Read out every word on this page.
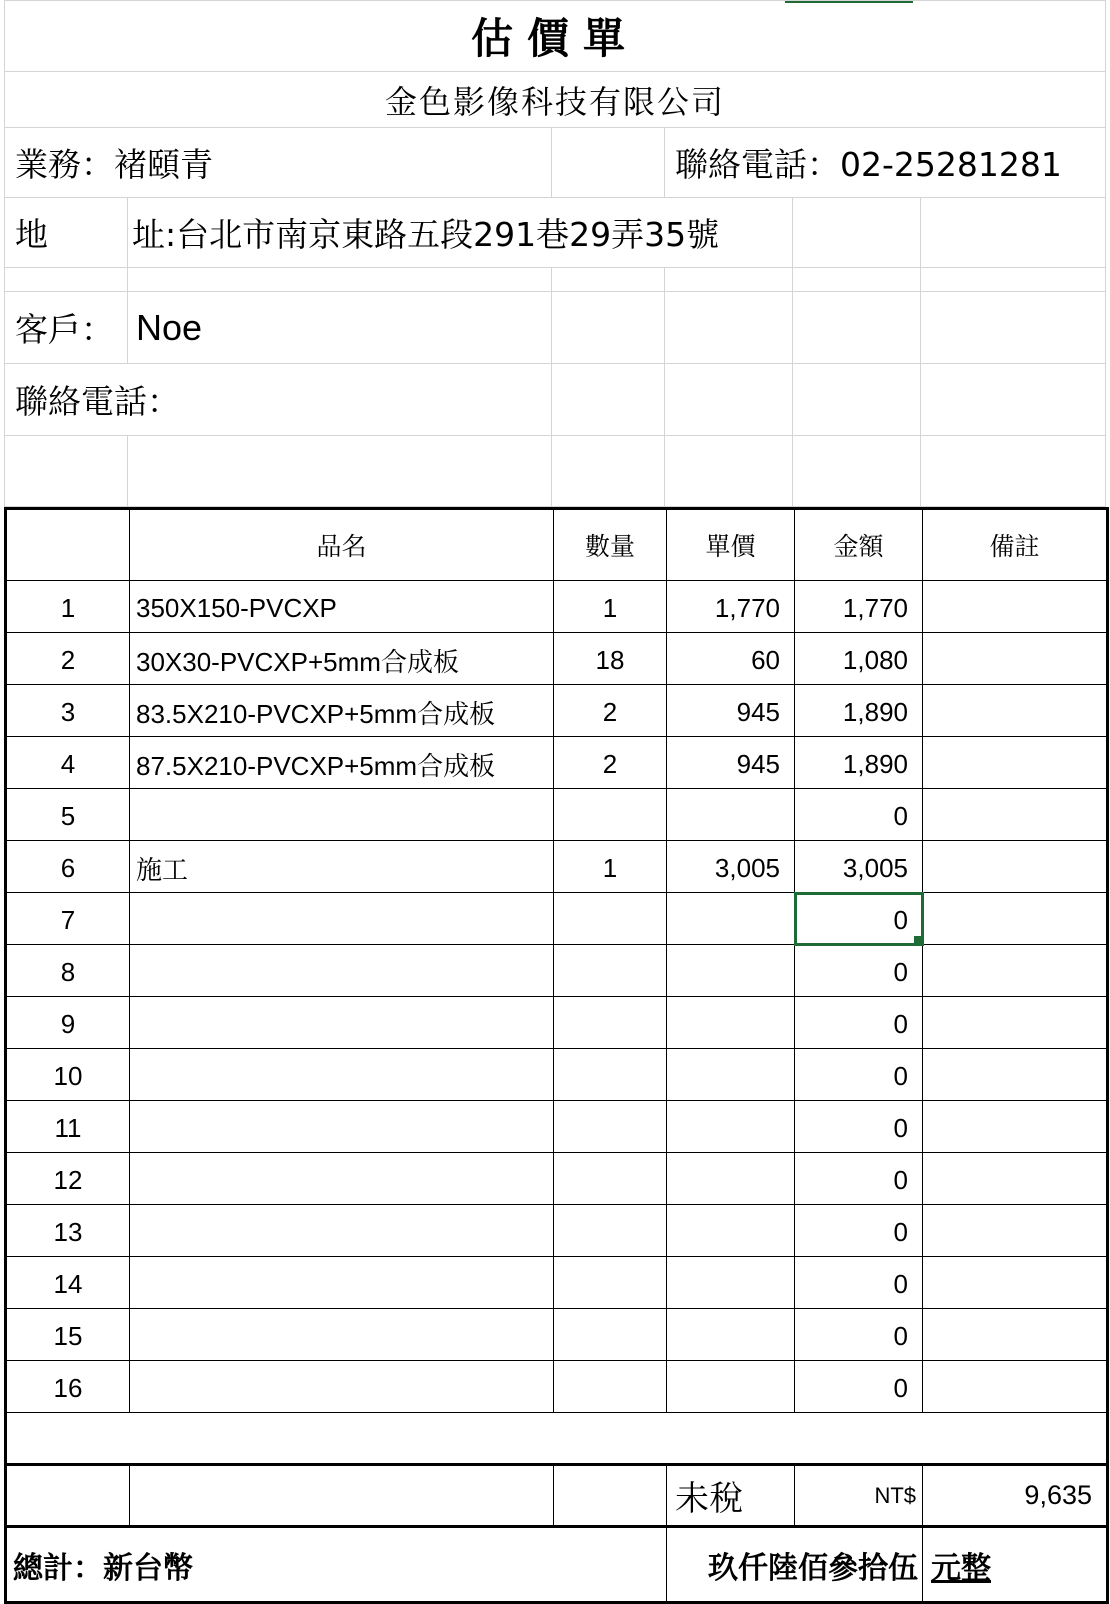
估價單
金色影像科技有限公司
業務：褚頤青	聯絡電話：02-25281281
地	址:台北市南京東路五段291巷29弄35號
客戶： Noe
聯絡電話：
	品名	數量	單價	金額	備註
1	350X150-PVCXP	1	1,770	1,770	
2	30X30-PVCXP+5mm合成板	18	60	1,080	
3	83.5X210-PVCXP+5mm合成板	2	945	1,890	
4	87.5X210-PVCXP+5mm合成板	2	945	1,890	
5				0	
6	施工	1	3,005	3,005	
7				0

8				0	
9				0	
10				0	
11				0	
12				0	
13				0	
14				0	
15				0	
16				0	

			未稅	NT$	9,635
總計：新台幣			玖仟陸佰參拾伍		元整
